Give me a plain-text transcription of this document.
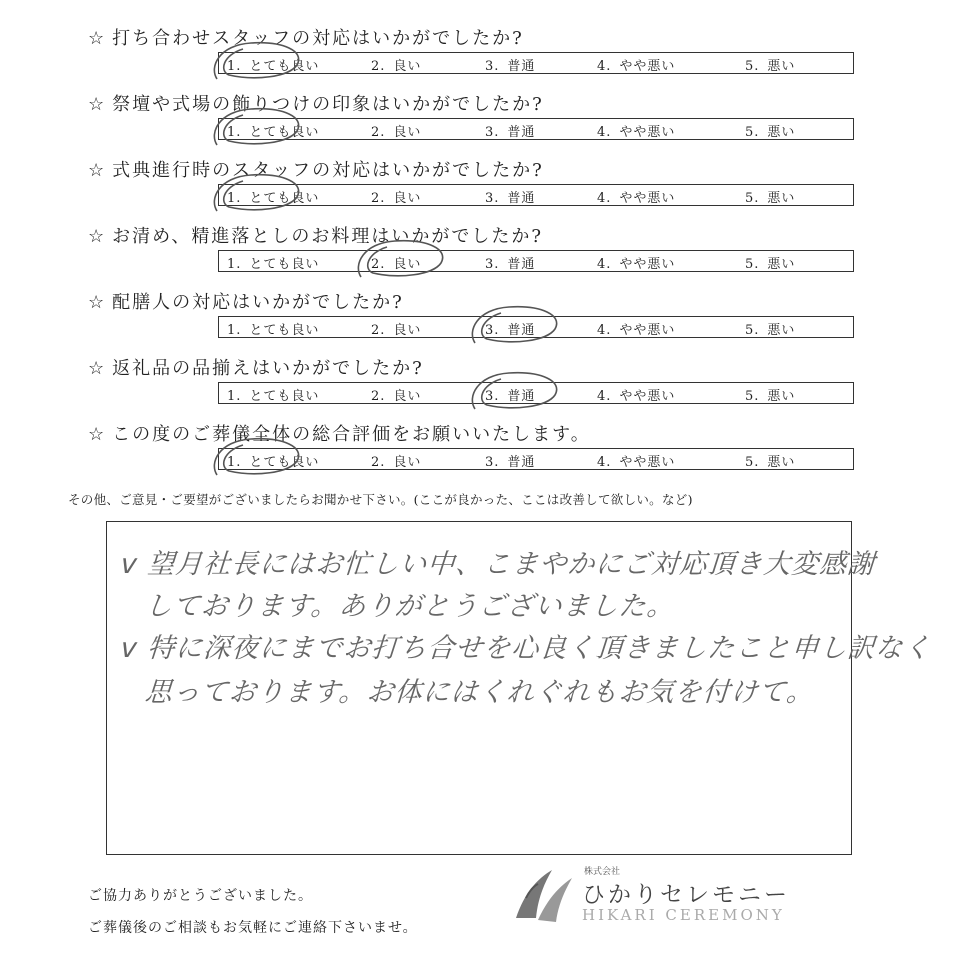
☆ 打ち合わせスタッフの対応はいかがでしたか?
1. とても良い	2. 良い	3. 普通	4. やや悪い	5. 悪い
☆ 祭壇や式場の飾りつけの印象はいかがでしたか?
1. とても良い	2. 良い	3. 普通	4. やや悪い	5. 悪い
☆ 式典進行時のスタッフの対応はいかがでしたか?
1. とても良い	2. 良い	3. 普通	4. やや悪い	5. 悪い
☆ お清め、精進落としのお料理はいかがでしたか?
1. とても良い	2. 良い	3. 普通	4. やや悪い	5. 悪い
☆ 配膳人の対応はいかがでしたか?
1. とても良い	2. 良い	3. 普通	4. やや悪い	5. 悪い
☆ 返礼品の品揃えはいかがでしたか?
1. とても良い	2. 良い	3. 普通	4. やや悪い	5. 悪い
☆ この度のご葬儀全体の総合評価をお願いいたします。
1. とても良い	2. 良い	3. 普通	4. やや悪い	5. 悪い
その他、ご意見・ご要望がございましたらお聞かせ下さい。(ここが良かった、ここは改善して欲しい。など)
v 望月社長にはお忙しい中、こまやかにご対応頂き大変感謝
しております。ありがとうございました。
v 特に深夜にまでお打ち合せを心良く頂きましたこと申し訳なく
思っております。お体にはくれぐれもお気を付けて。
ご協力ありがとうございました。
ご葬儀後のご相談もお気軽にご連絡下さいませ。
株式会社
ひかりセレモニー
HIKARI CEREMONY
